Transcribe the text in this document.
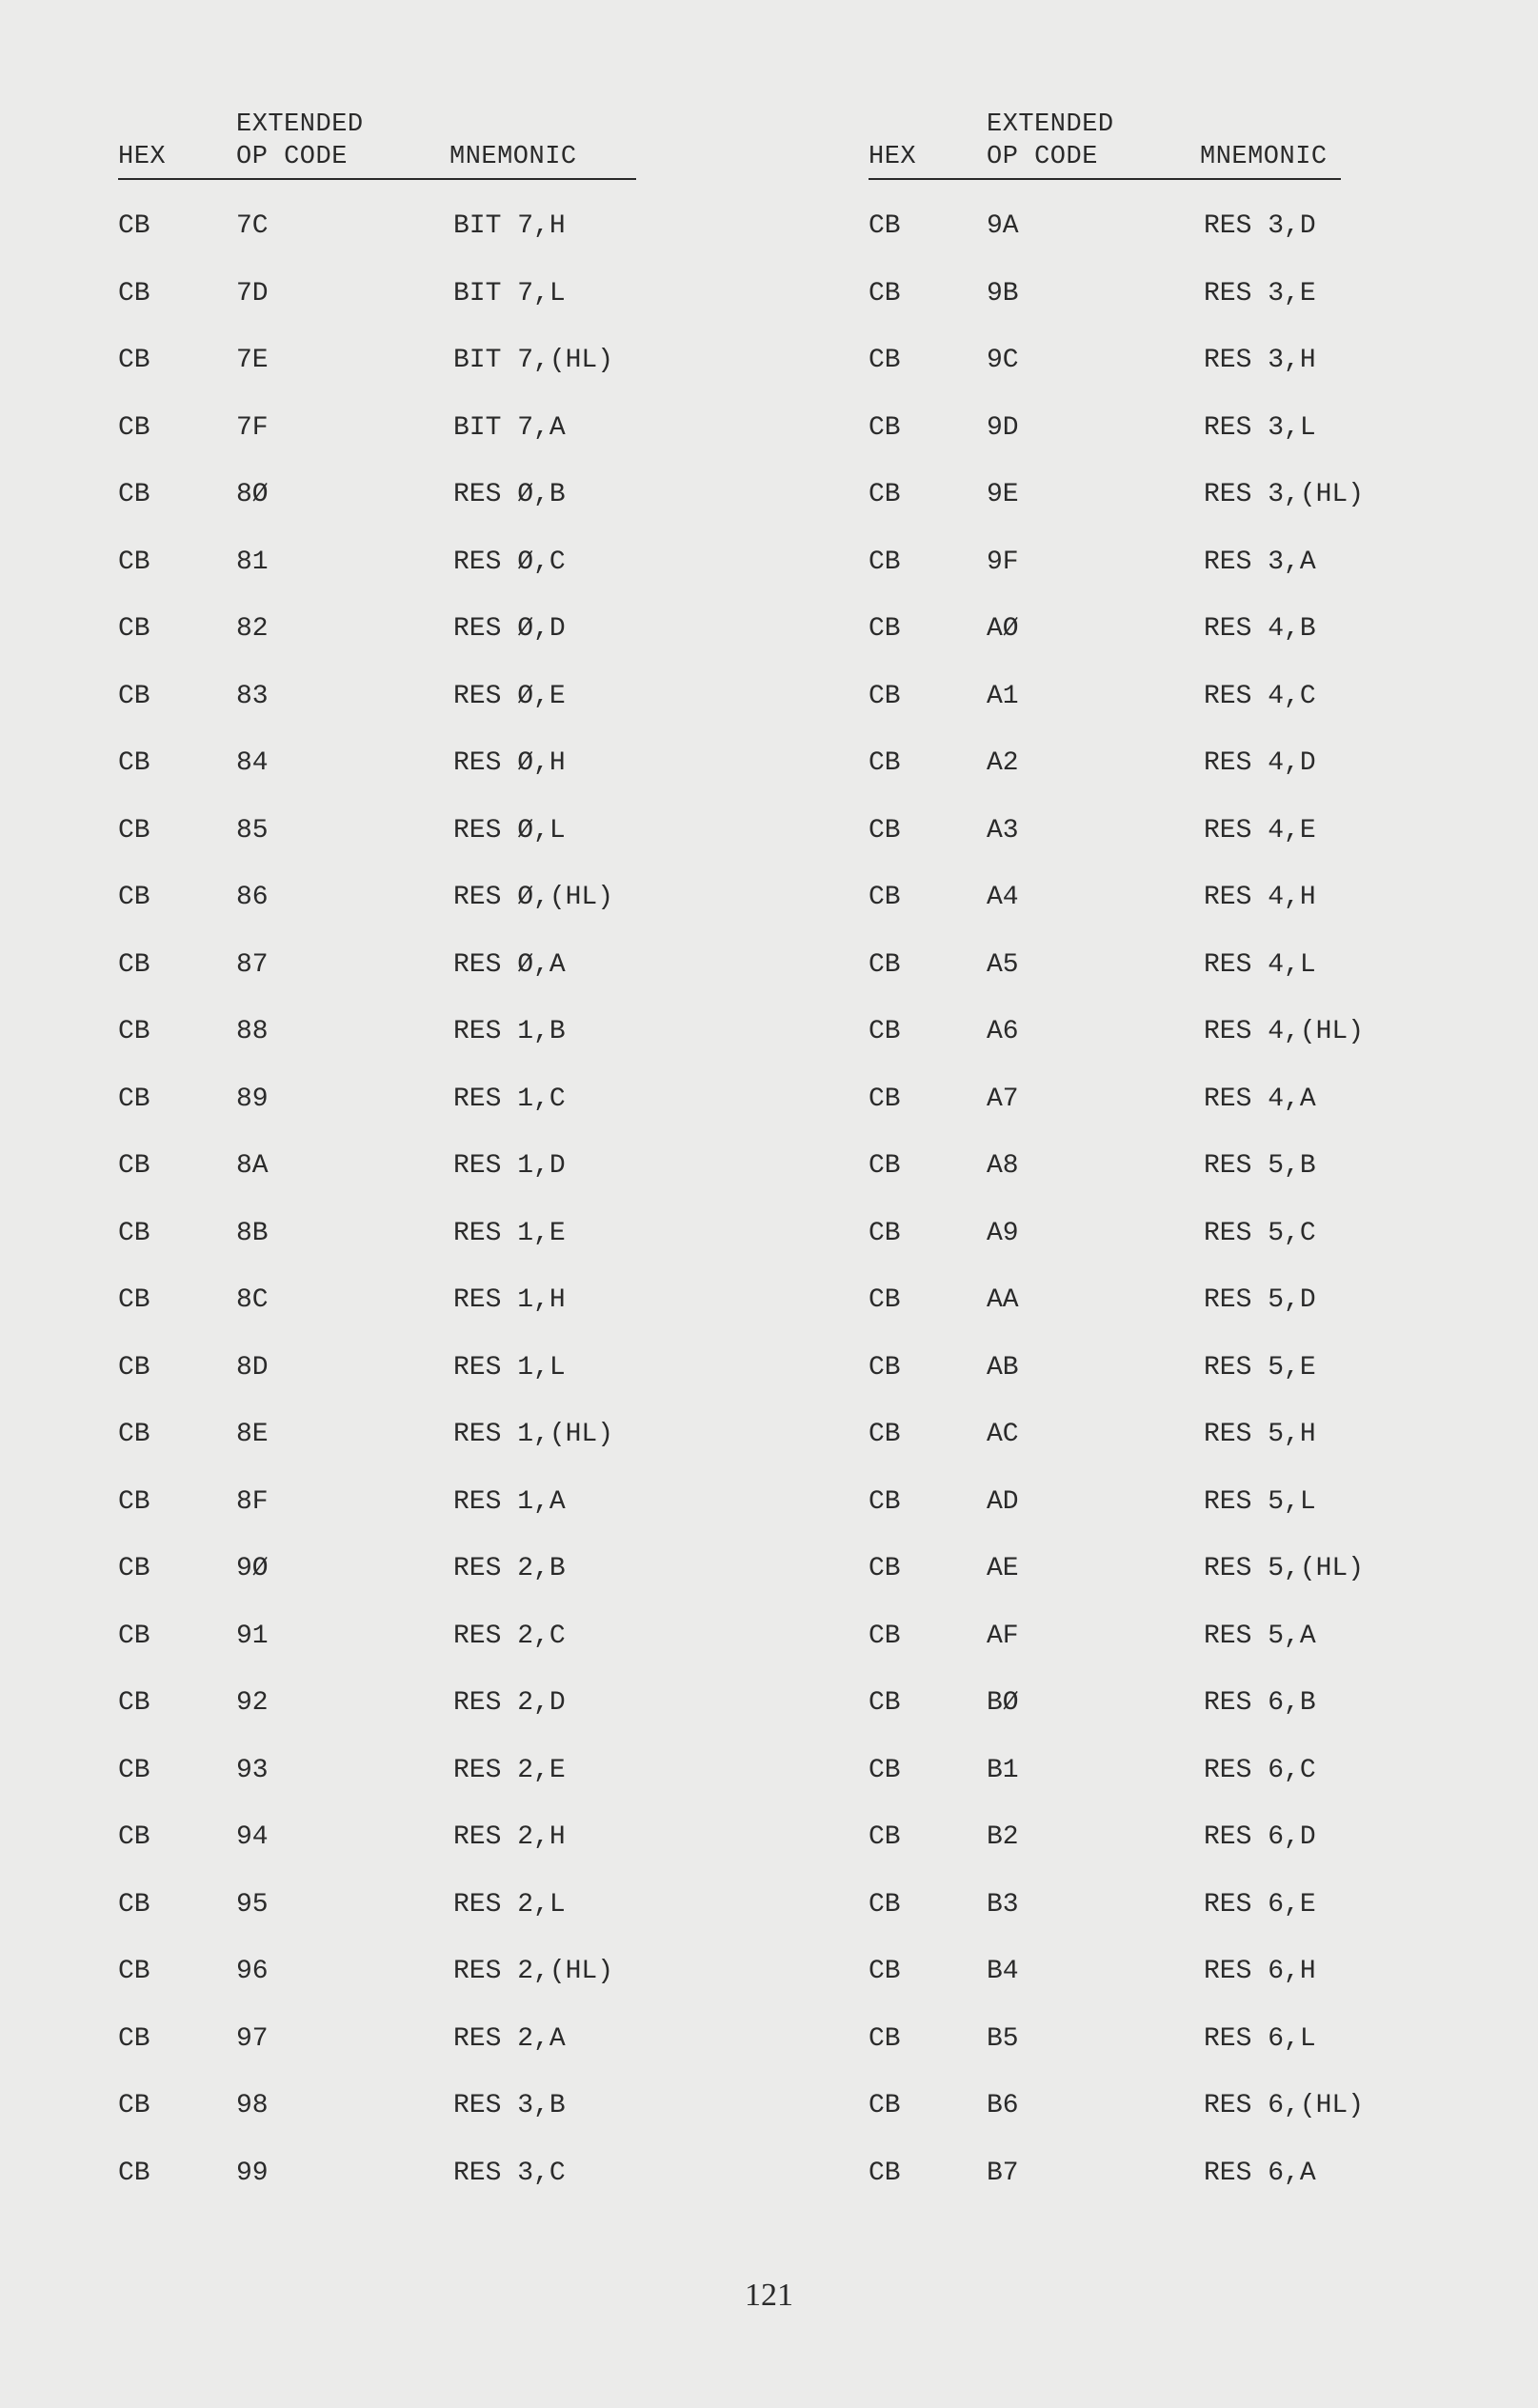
EXTENDED
HEX	OP CODE	MNEMONIC
CB	7C	BIT 7,H
CB	7D	BIT 7,L
CB	7E	BIT 7,(HL)
CB	7F	BIT 7,A
CB	8Ø	RES Ø,B
CB	81	RES Ø,C
CB	82	RES Ø,D
CB	83	RES Ø,E
CB	84	RES Ø,H
CB	85	RES Ø,L
CB	86	RES Ø,(HL)
CB	87	RES Ø,A
CB	88	RES 1,B
CB	89	RES 1,C
CB	8A	RES 1,D
CB	8B	RES 1,E
CB	8C	RES 1,H
CB	8D	RES 1,L
CB	8E	RES 1,(HL)
CB	8F	RES 1,A
CB	9Ø	RES 2,B
CB	91	RES 2,C
CB	92	RES 2,D
CB	93	RES 2,E
CB	94	RES 2,H
CB	95	RES 2,L
CB	96	RES 2,(HL)
CB	97	RES 2,A
CB	98	RES 3,B
CB	99	RES 3,C
EXTENDED
HEX	OP CODE	MNEMONIC
CB	9A	RES 3,D
CB	9B	RES 3,E
CB	9C	RES 3,H
CB	9D	RES 3,L
CB	9E	RES 3,(HL)
CB	9F	RES 3,A
CB	AØ	RES 4,B
CB	A1	RES 4,C
CB	A2	RES 4,D
CB	A3	RES 4,E
CB	A4	RES 4,H
CB	A5	RES 4,L
CB	A6	RES 4,(HL)
CB	A7	RES 4,A
CB	A8	RES 5,B
CB	A9	RES 5,C
CB	AA	RES 5,D
CB	AB	RES 5,E
CB	AC	RES 5,H
CB	AD	RES 5,L
CB	AE	RES 5,(HL)
CB	AF	RES 5,A
CB	BØ	RES 6,B
CB	B1	RES 6,C
CB	B2	RES 6,D
CB	B3	RES 6,E
CB	B4	RES 6,H
CB	B5	RES 6,L
CB	B6	RES 6,(HL)
CB	B7	RES 6,A
121
